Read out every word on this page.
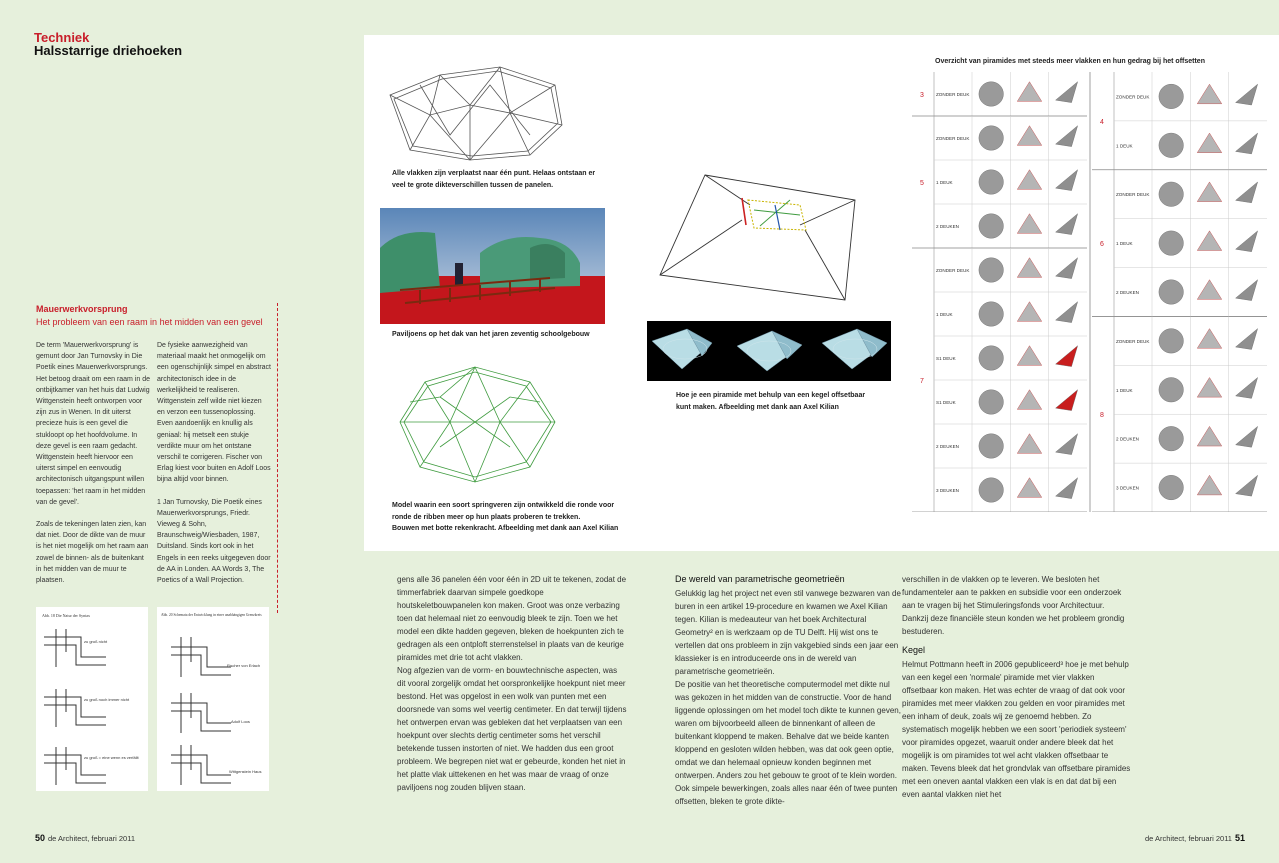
Techniek
Halsstarrige driehoeken
Mauerwerkvorsprung
Het probleem van een raam in het midden van een gevel

De term 'Mauerwerkvorsprung' is gemunt door Jan Turnovsky in Die Poetik eines Mauerwerkvorsprungs. Het betoog draait om een raam in de ontbijtkamer van het huis dat Ludwig Wittgenstein heeft ontworpen voor zijn zus in Wenen. In dit uiterst precieze huis is een gevel die stukloopt op het hoofdvolume. In deze gevel is een raam gedacht. Wittgenstein heeft hiervoor een uiterst simpel en eenvoudig architectonisch uitgangspunt willen toepassen: 'het raam in het midden van de gevel'.

Zoals de tekeningen laten zien, kan dat niet. Door de dikte van de muur is het niet mogelijk om het raam aan zowel de binnen- als de buitenkant in het midden van de muur te plaatsen.

De fysieke aanwezigheid van materiaal maakt het onmogelijk om een ogenschijnlijk simpel en abstract architectonisch idee in de werkelijkheid te realiseren. Wittgenstein zelf wilde niet kiezen en verzon een tussenoplossing. Even aandoenlijk en knullig als geniaal: hij metselt een stukje verdikte muur om het ontstane verschil te corrigeren. Fischer von Erlag kiest voor buiten en Adolf Loos bijna altijd voor binnen.

1 Jan Turnovsky, Die Poetik eines Mauerwerkvorsprungs, Friedr. Vieweg & Sohn, Braunschweig/Wiesbaden, 1987, Duitsland. Sinds kort ook in het Engels in een reeks uitgegeven door de AA in Londen. AA Words 3, The Poetics of a Wall Projection.

Abb. 18 Die Natur der Syntax
zu groß nicht
zu groß noch immer nicht
zu groß = eine wenn es verfällt
Abb. 20 Schemata der Entwicklung in einer unabhängigen Grenzkreis
Fischer von Erlach
Adolf Loos
Wittgenstein Haus

Alle vlakken zijn verplaatst naar één punt. Helaas ontstaan er

veel te grote dikteverschillen tussen de panelen.

Paviljoens op het dak van het jaren zeventig schoolgebouw

Model waarin een soort springveren zijn ontwikkeld die ronde voor

ronde de ribben meer op hun plaats proberen te trekken.

Bouwen met botte rekenkracht. Afbeelding met dank aan Axel Kilian

Hoe je een piramide met behulp van een kegel offsetbaar

kunt maken. Afbeelding met dank aan Axel Kilian

Overzicht van piramides met steeds meer vlakken en hun gedrag bij het offsetten
3	ZONDER DEUK
5
ZONDER DEUK
1 DEUK
2 DEUKEN
7
ZONDER DEUK
1 DEUK
S1 DEUK
S1 DEUK
2 DEUKEN
3 DEUKEN
4
ZONDER DEUK
1 DEUK
6
ZONDER DEUK
1 DEUK
2 DEUKEN
8
ZONDER DEUK
1 DEUK
2 DEUKEN
3 DEUKEN

gens alle 36 panelen één voor één in 2D uit te tekenen, zodat de timmerfabriek daarvan simpele goedkope houtskeletbouwpanelen kon maken. Groot was onze verbazing toen dat helemaal niet zo eenvoudig bleek te zijn. Toen we het model een dikte hadden gegeven, bleken de hoekpunten zich te gedragen als een ontploft sterrenstelsel in plaats van de keurige piramides met drie tot acht vlakken.

Nog afgezien van de vorm- en bouwtechnische aspecten, was dit vooral zorgelijk omdat het oorspronkelijke hoekpunt niet meer bestond. Het was opgelost in een wolk van punten met een doorsnede van soms wel veertig centimeter. En dat terwijl tijdens het ontwerpen ervan was gebleken dat het verplaatsen van een hoekpunt over slechts dertig centimeter soms het verschil betekende tussen instorten of niet. We hadden dus een groot probleem. We begrepen niet wat er gebeurde, konden het niet in het platte vlak uittekenen en het was maar de vraag of onze paviljoens nog zouden blijven staan.

De wereld van parametrische geometrieën

Gelukkig lag het project net even stil vanwege bezwaren van de buren in een artikel 19-procedure en kwamen we Axel Kilian tegen. Kilian is medeauteur van het boek Architectural Geometry² en is werkzaam op de TU Delft. Hij wist ons te vertellen dat ons probleem in zijn vakgebied sinds een jaar een klassieker is en introduceerde ons in de wereld van parametrische geometrieën.

De positie van het theoretische computermodel met dikte nul was gekozen in het midden van de constructie. Voor de hand liggende oplossingen om het model toch dikte te kunnen geven, waren om bijvoorbeeld alleen de binnenkant of alleen de buitenkant kloppend te maken. Behalve dat we beide kanten kloppend en gesloten wilden hebben, was dat ook geen optie, omdat we dan helemaal opnieuw konden beginnen met ontwerpen. Anders zou het gebouw te groot of te klein worden. Ook simpele bewerkingen, zoals alles naar één of twee punten offsetten, bleken te grote dikte-

verschillen in de vlakken op te leveren. We besloten het fundamenteler aan te pakken en subsidie voor een onderzoek aan te vragen bij het Stimuleringsfonds voor Architectuur. Dankzij deze financiële steun konden we het probleem grondig bestuderen.

Kegel

Helmut Pottmann heeft in 2006 gepubliceerd³ hoe je met behulp van een kegel een 'normale' piramide met vier vlakken offsetbaar kon maken. Het was echter de vraag of dat ook voor piramides met meer vlakken zou gelden en voor piramides met een inham of deuk, zoals wij ze genoemd hebben. Zo systematisch mogelijk hebben we een soort 'periodiek systeem' voor piramides opgezet, waaruit onder andere bleek dat het mogelijk is om piramides tot wel acht vlakken offsetbaar te maken. Tevens bleek dat het grondvlak van offsetbare piramides met een oneven aantal vlakken een vlak is en dat dat bij een even aantal vlakken niet het

50 de Architect, februari 2011	de Architect, februari 2011 51
